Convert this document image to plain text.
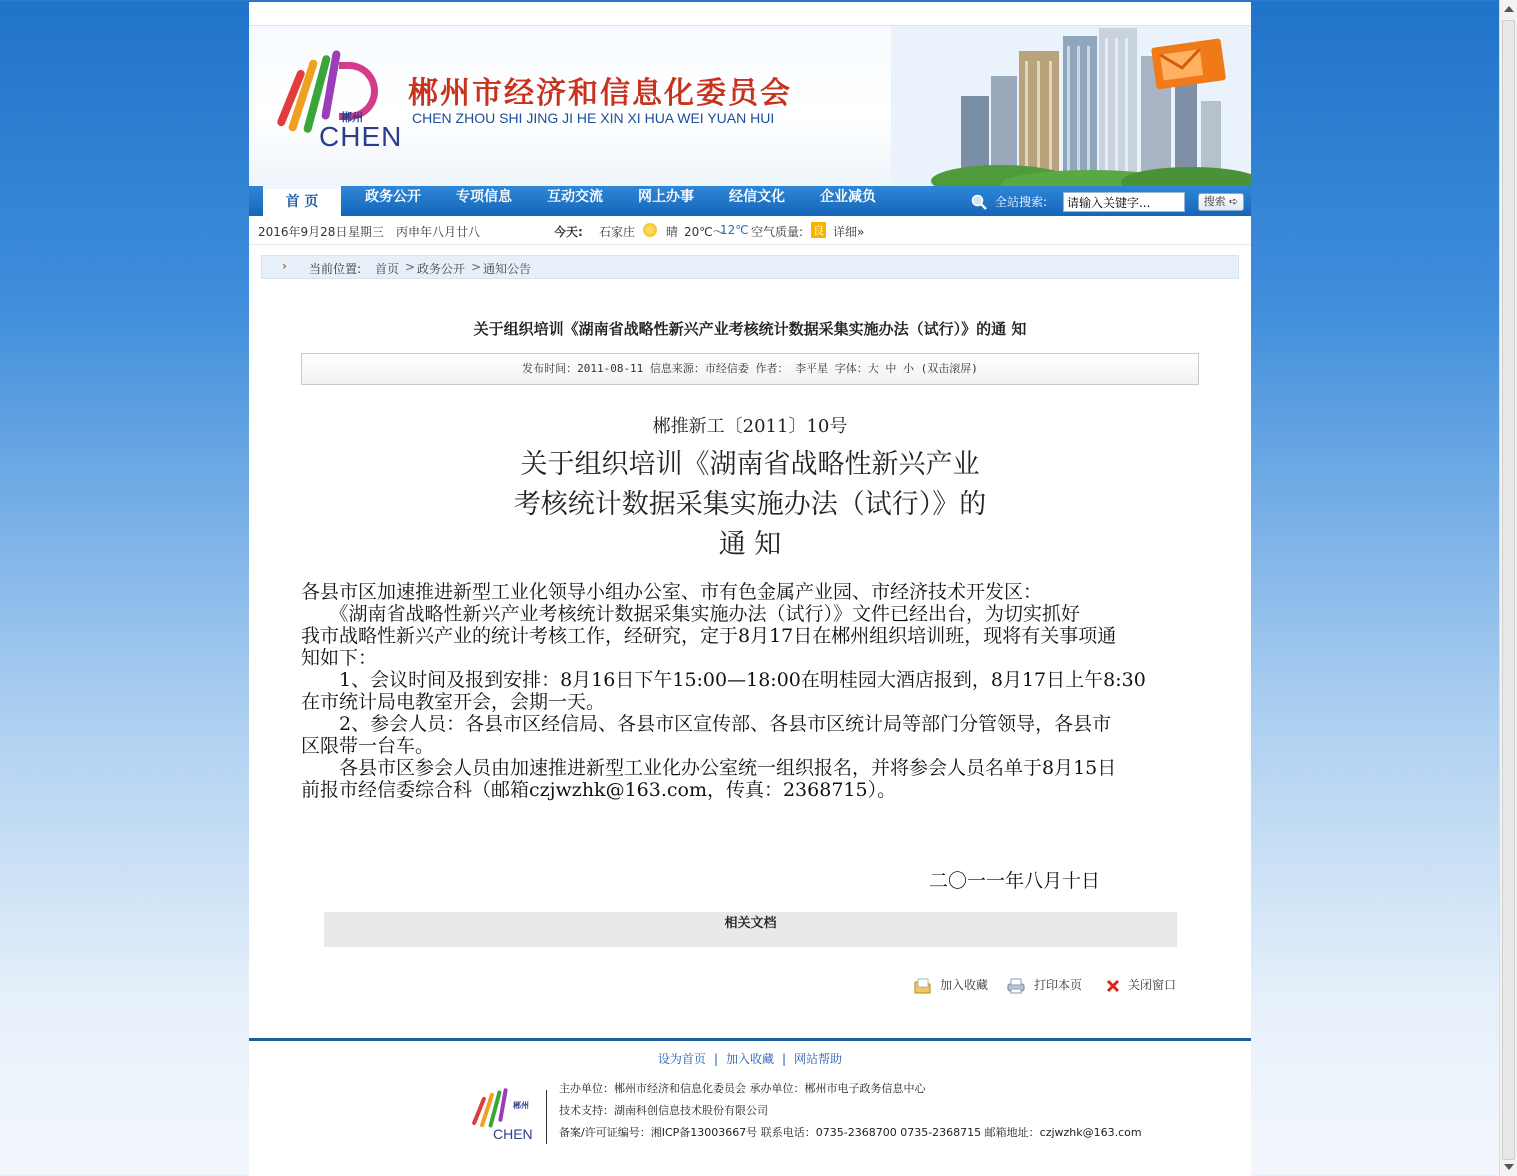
郴州
CHEN
郴州市经济和信息化委员会
CHEN ZHOU SHI JING JI HE XIN XI HUA WEI YUAN HUI
首 页	政务公开	专项信息	互动交流	网上办事	经信文化	企业减负	全站搜索:
请输入关键字...	搜索 ➪
2016年9月28日 星期三 丙申年八月廿八	今天: 石家庄	晴 20℃～
12℃ 空气质量: 良 详细»
› 当前位置: 首页 > 政务公开 > 通知公告
关于组织培训《湖南省战略性新兴产业考核统计数据采集实施办法（试行）》的通 知
发布时间：2011-08-11 信息来源：市经信委 作者： 李平星 字体：大 中 小 (双击滚屏)
郴推新工〔2011〕10号
关于组织培训《湖南省战略性新兴产业
考核统计数据采集实施办法（试行）》的
通 知
各县市区加速推进新型工业化领导小组办公室、市有色金属产业园、市经济技术开发区：
　　《湖南省战略性新兴产业考核统计数据采集实施办法（试行）》文件已经出台，为切实抓好
我市战略性新兴产业的统计考核工作，经研究，定于8月17日在郴州组织培训班，现将有关事项通
知如下：
　　1、会议时间及报到安排：8月16日下午15:00—18:00在明桂园大酒店报到，8月17日上午8:30
在市统计局电教室开会，会期一天。
　　2、参会人员：各县市区经信局、各县市区宣传部、各县市区统计局等部门分管领导，各县市
区限带一台车。
　　各县市区参会人员由加速推进新型工业化办公室统一组织报名，并将参会人员名单于8月15日
前报市经信委综合科（邮箱czjwzhk@163.com，传真：2368715）。
二〇一一年八月十日
相关文档
加入收藏	打印本页	关闭窗口
设为首页 | 加入收藏 | 网站帮助
郴州
CHEN
主办单位：郴州市经济和信息化委员会 承办单位：郴州市电子政务信息中心
技术支持：湖南科创信息技术股份有限公司
备案/许可证编号：湘ICP备13003667号 联系电话：0735-2368700 0735-2368715 邮箱地址：czjwzhk@163.com
